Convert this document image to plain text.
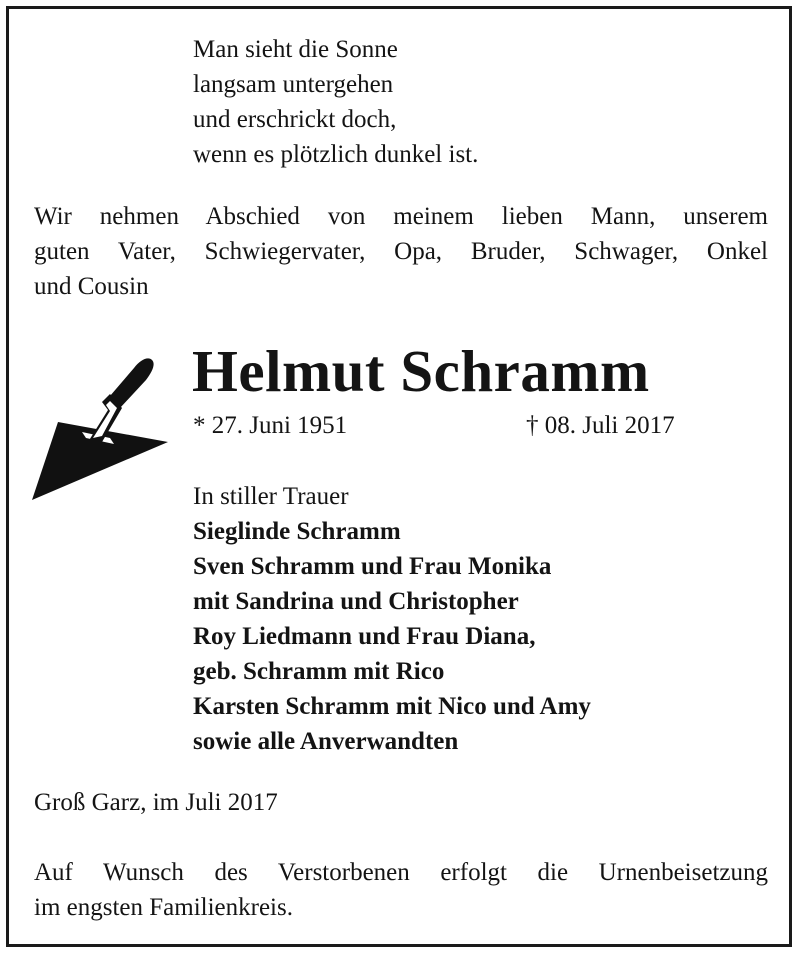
Man sieht die Sonne
langsam untergehen
und erschrickt doch,
wenn es plötzlich dunkel ist.
Wir nehmen Abschied von meinem lieben Mann, unserem
guten Vater, Schwiegervater, Opa, Bruder, Schwager, Onkel
und Cousin
Helmut Schramm
* 27. Juni 1951	† 08. Juli 2017
In stiller Trauer
Sieglinde Schramm
Sven Schramm und Frau Monika
mit Sandrina und Christopher
Roy Liedmann und Frau Diana,
geb. Schramm mit Rico
Karsten Schramm mit Nico und Amy
sowie alle Anverwandten
Groß Garz, im Juli 2017
Auf Wunsch des Verstorbenen erfolgt die Urnenbeisetzung
im engsten Familienkreis.
